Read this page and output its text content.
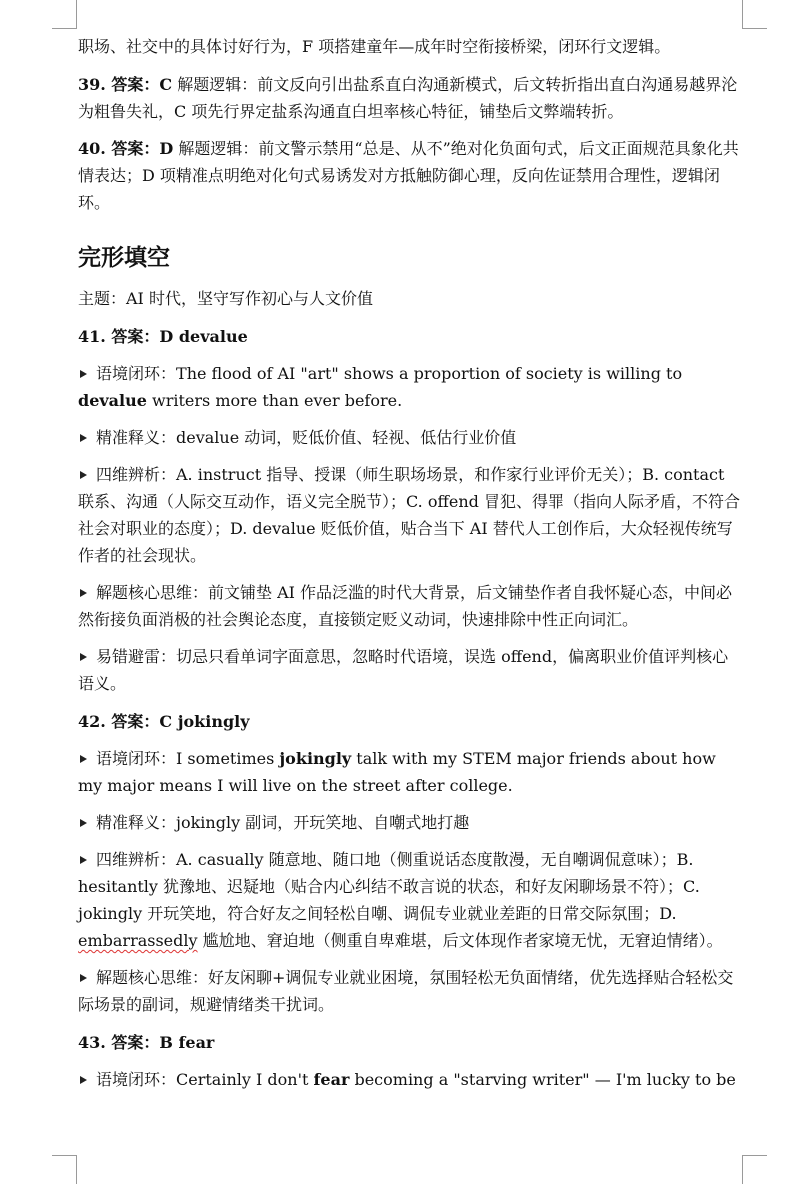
职场、社交中的具体讨好行为，F 项搭建童年—成年时空衔接桥梁，闭环行文逻辑。

39. 答案：C 解题逻辑：前文反向引出盐系直白沟通新模式，后文转折指出直白沟通易越界沦为粗鲁失礼，C 项先行界定盐系沟通直白坦率核心特征，铺垫后文弊端转折。

40. 答案：D 解题逻辑：前文警示禁用“总是、从不”绝对化负面句式，后文正面规范具象化共情表达；D 项精准点明绝对化句式易诱发对方抵触防御心理，反向佐证禁用合理性，逻辑闭环。

完形填空

主题：AI 时代，坚守写作初心与人文价值

41. 答案：D devalue

语境闭环：The flood of AI "art" shows a proportion of society is willing to devalue writers more than ever before.

精准释义：devalue 动词，贬低价值、轻视、低估行业价值

四维辨析：A. instruct 指导、授课（师生职场场景，和作家行业评价无关）；B. contact 联系、沟通（人际交互动作，语义完全脱节）；C. offend 冒犯、得罪（指向人际矛盾，不符合社会对职业的态度）；D. devalue 贬低价值，贴合当下 AI 替代人工创作后，大众轻视传统写作者的社会现状。

解题核心思维：前文铺垫 AI 作品泛滥的时代大背景，后文铺垫作者自我怀疑心态，中间必然衔接负面消极的社会舆论态度，直接锁定贬义动词，快速排除中性正向词汇。

易错避雷：切忌只看单词字面意思，忽略时代语境，误选 offend，偏离职业价值评判核心语义。

42. 答案：C jokingly

语境闭环：I sometimes jokingly talk with my STEM major friends about how my major means I will live on the street after college.

精准释义：jokingly 副词，开玩笑地、自嘲式地打趣

四维辨析：A. casually 随意地、随口地（侧重说话态度散漫，无自嘲调侃意味）；B. hesitantly 犹豫地、迟疑地（贴合内心纠结不敢言说的状态，和好友闲聊场景不符）；C. jokingly 开玩笑地，符合好友之间轻松自嘲、调侃专业就业差距的日常交际氛围；D. embarrassedly 尴尬地、窘迫地（侧重自卑难堪，后文体现作者家境无忧，无窘迫情绪）。

解题核心思维：好友闲聊+调侃专业就业困境，氛围轻松无负面情绪，优先选择贴合轻松交际场景的副词，规避情绪类干扰词。

43. 答案：B fear

语境闭环：Certainly I don't fear becoming a "starving writer" — I'm lucky to be
